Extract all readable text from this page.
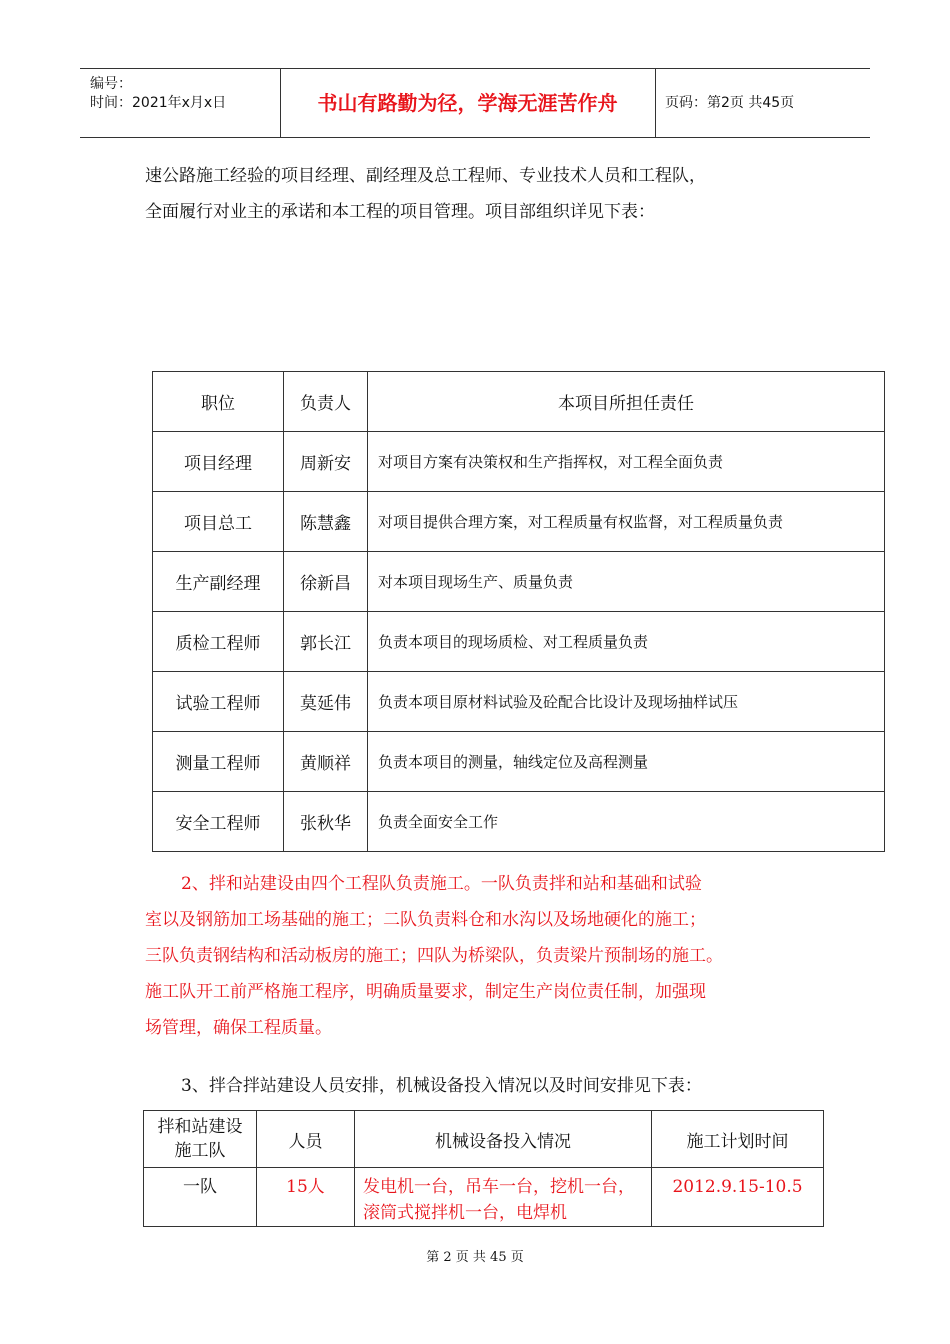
编号：
时间：2021年x月x日	书山有路勤为径，学海无涯苦作舟	页码：第2页 共45页
速公路施工经验的项目经理、副经理及总工程师、专业技术人员和工程队，
全面履行对业主的承诺和本工程的项目管理。项目部组织详见下表：
职位	负责人	本项目所担任责任
项目经理	周新安	对项目方案有决策权和生产指挥权，对工程全面负责
项目总工	陈慧鑫	对项目提供合理方案，对工程质量有权监督，对工程质量负责
生产副经理	徐新昌	对本项目现场生产、质量负责
质检工程师	郭长江	负责本项目的现场质检、对工程质量负责
试验工程师	莫延伟	负责本项目原材料试验及砼配合比设计及现场抽样试压
测量工程师	黄顺祥	负责本项目的测量，轴线定位及高程测量
安全工程师	张秋华	负责全面安全工作
2、拌和站建设由四个工程队负责施工。一队负责拌和站和基础和试验
室以及钢筋加工场基础的施工；二队负责料仓和水沟以及场地硬化的施工；
三队负责钢结构和活动板房的施工；四队为桥梁队，负责梁片预制场的施工。
施工队开工前严格施工程序，明确质量要求，制定生产岗位责任制，加强现
场管理，确保工程质量。
3、拌合拌站建设人员安排，机械设备投入情况以及时间安排见下表：
拌和站建设施工队	人员	机械设备投入情况	施工计划时间
一队	15人	发电机一台，吊车一台，挖机一台，滚筒式搅拌机一台，电焊机	2012.9.15-10.5
第 2 页 共 45 页
